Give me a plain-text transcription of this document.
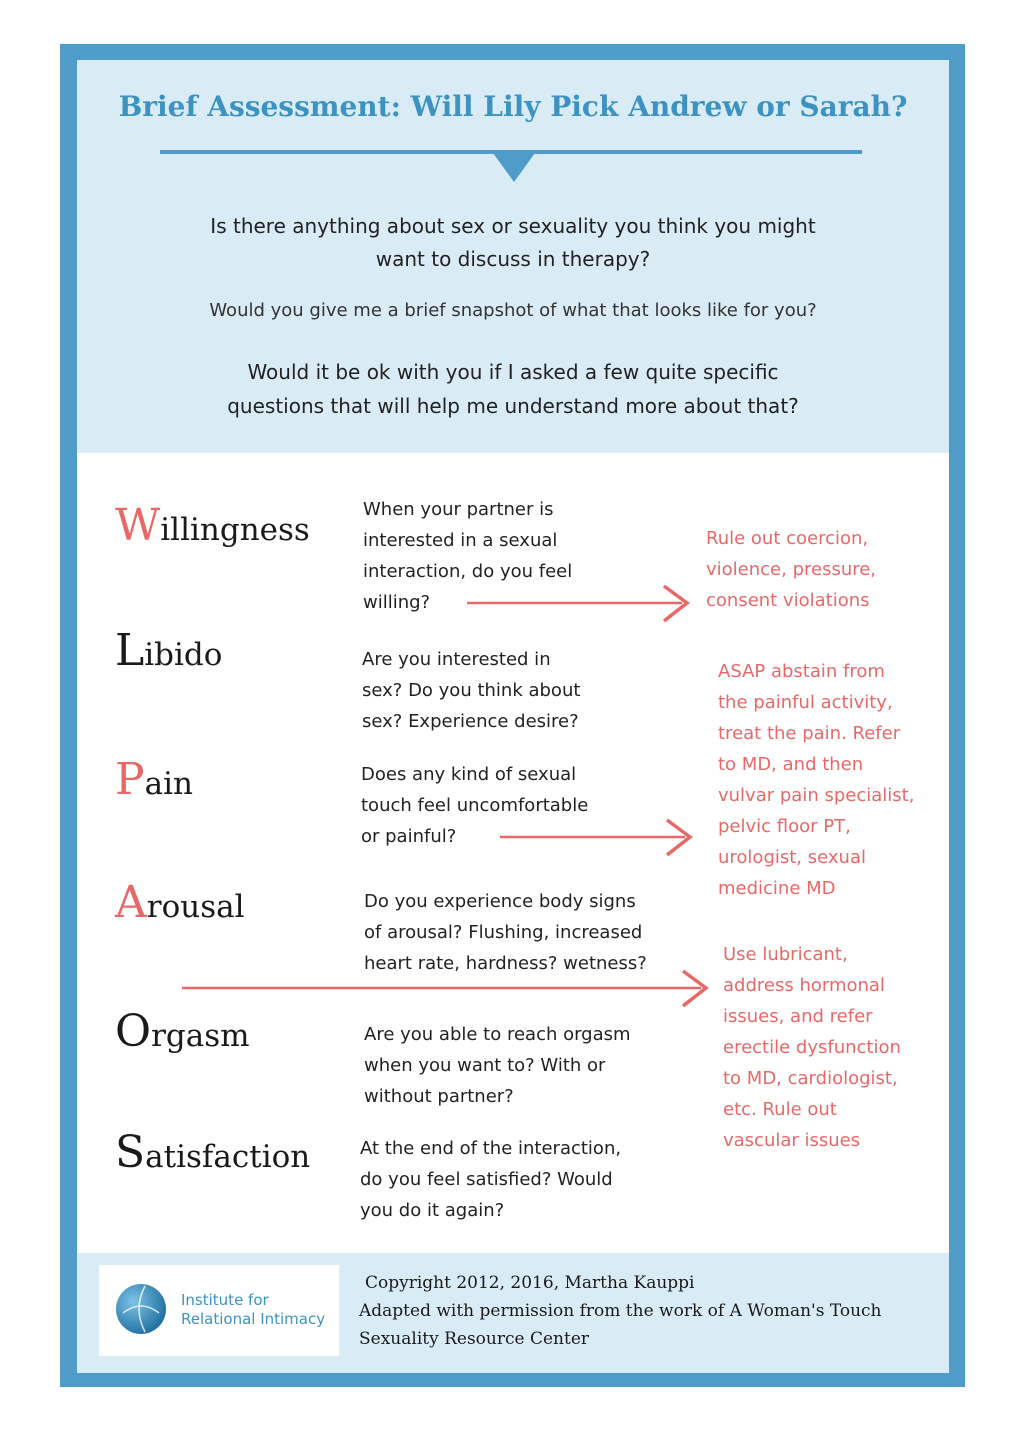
Brief Assessment: Will Lily Pick Andrew or Sarah?

Is there anything about sex or sexuality you think you might
want to discuss in therapy?

Would you give me a brief snapshot of what that looks like for you?

Would it be ok with you if I asked a few quite specific
questions that will help me understand more about that?

Willingness
Libido
Pain
Arousal
Orgasm
Satisfaction
When your partner is
interested in a sexual
interaction, do you feel
willing?
Are you interested in
sex? Do you think about
sex? Experience desire?
Does any kind of sexual
touch feel uncomfortable
or painful?
Do you experience body signs
of arousal? Flushing, increased
heart rate, hardness? wetness?
Are you able to reach orgasm
when you want to? With or
without partner?
At the end of the interaction,
do you feel satisfied? Would
you do it again?
Rule out coercion,
violence, pressure,
consent violations
ASAP abstain from
the painful activity,
treat the pain. Refer
to MD, and then
vulvar pain specialist,
pelvic floor PT,
urologist, sexual
medicine MD
Use lubricant,
address hormonal
issues, and refer
erectile dysfunction
to MD, cardiologist,
etc. Rule out
vascular issues
Institute for
Relational Intimacy
Copyright 2012, 2016, Martha Kauppi
Adapted with permission from the work of A Woman's Touch
Sexuality Resource Center
